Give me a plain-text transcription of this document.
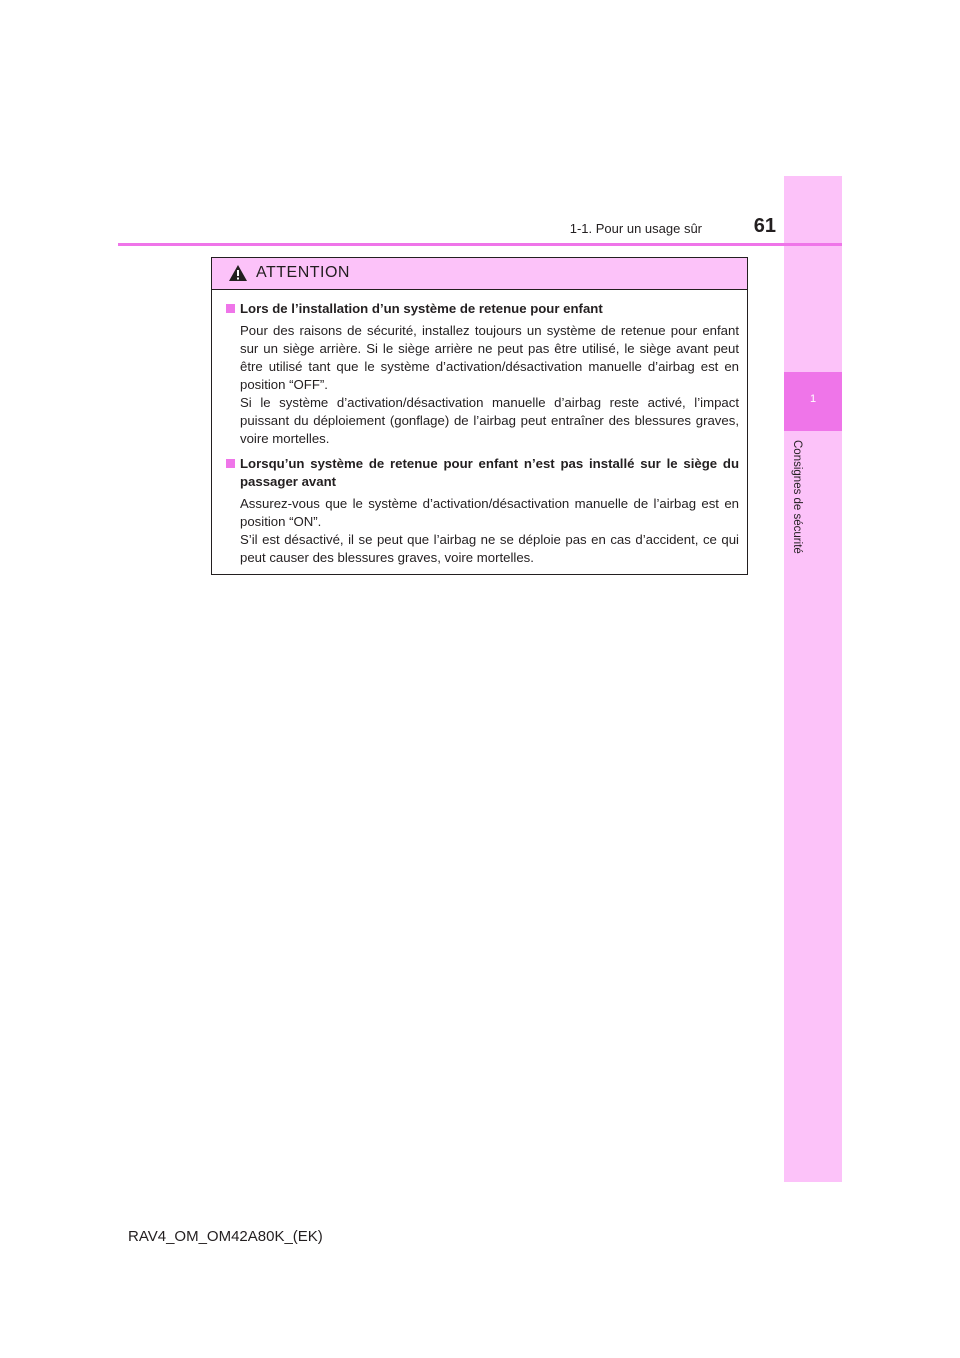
1
Consignes de sécurité
1-1. Pour un usage sûr	61
ATTENTION
Lors de l’installation d’un système de retenue pour enfant

Pour des raisons de sécurité, installez toujours un système de retenue pour enfant sur un siège arrière. Si le siège arrière ne peut pas être utilisé, le siège avant peut être utilisé tant que le système d’activation/désactivation manuelle d’airbag est en position “OFF”.

Si le système d’activation/désactivation manuelle d’airbag reste activé, l’impact puissant du déploiement (gonflage) de l’airbag peut entraîner des blessures graves, voire mortelles.

Lorsqu’un système de retenue pour enfant n’est pas installé sur le siège du passager avant

Assurez-vous que le système d’activation/désactivation manuelle de l’airbag est en position “ON”.

S’il est désactivé, il se peut que l’airbag ne se déploie pas en cas d’accident, ce qui peut causer des blessures graves, voire mortelles.

RAV4_OM_OM42A80K_(EK)
